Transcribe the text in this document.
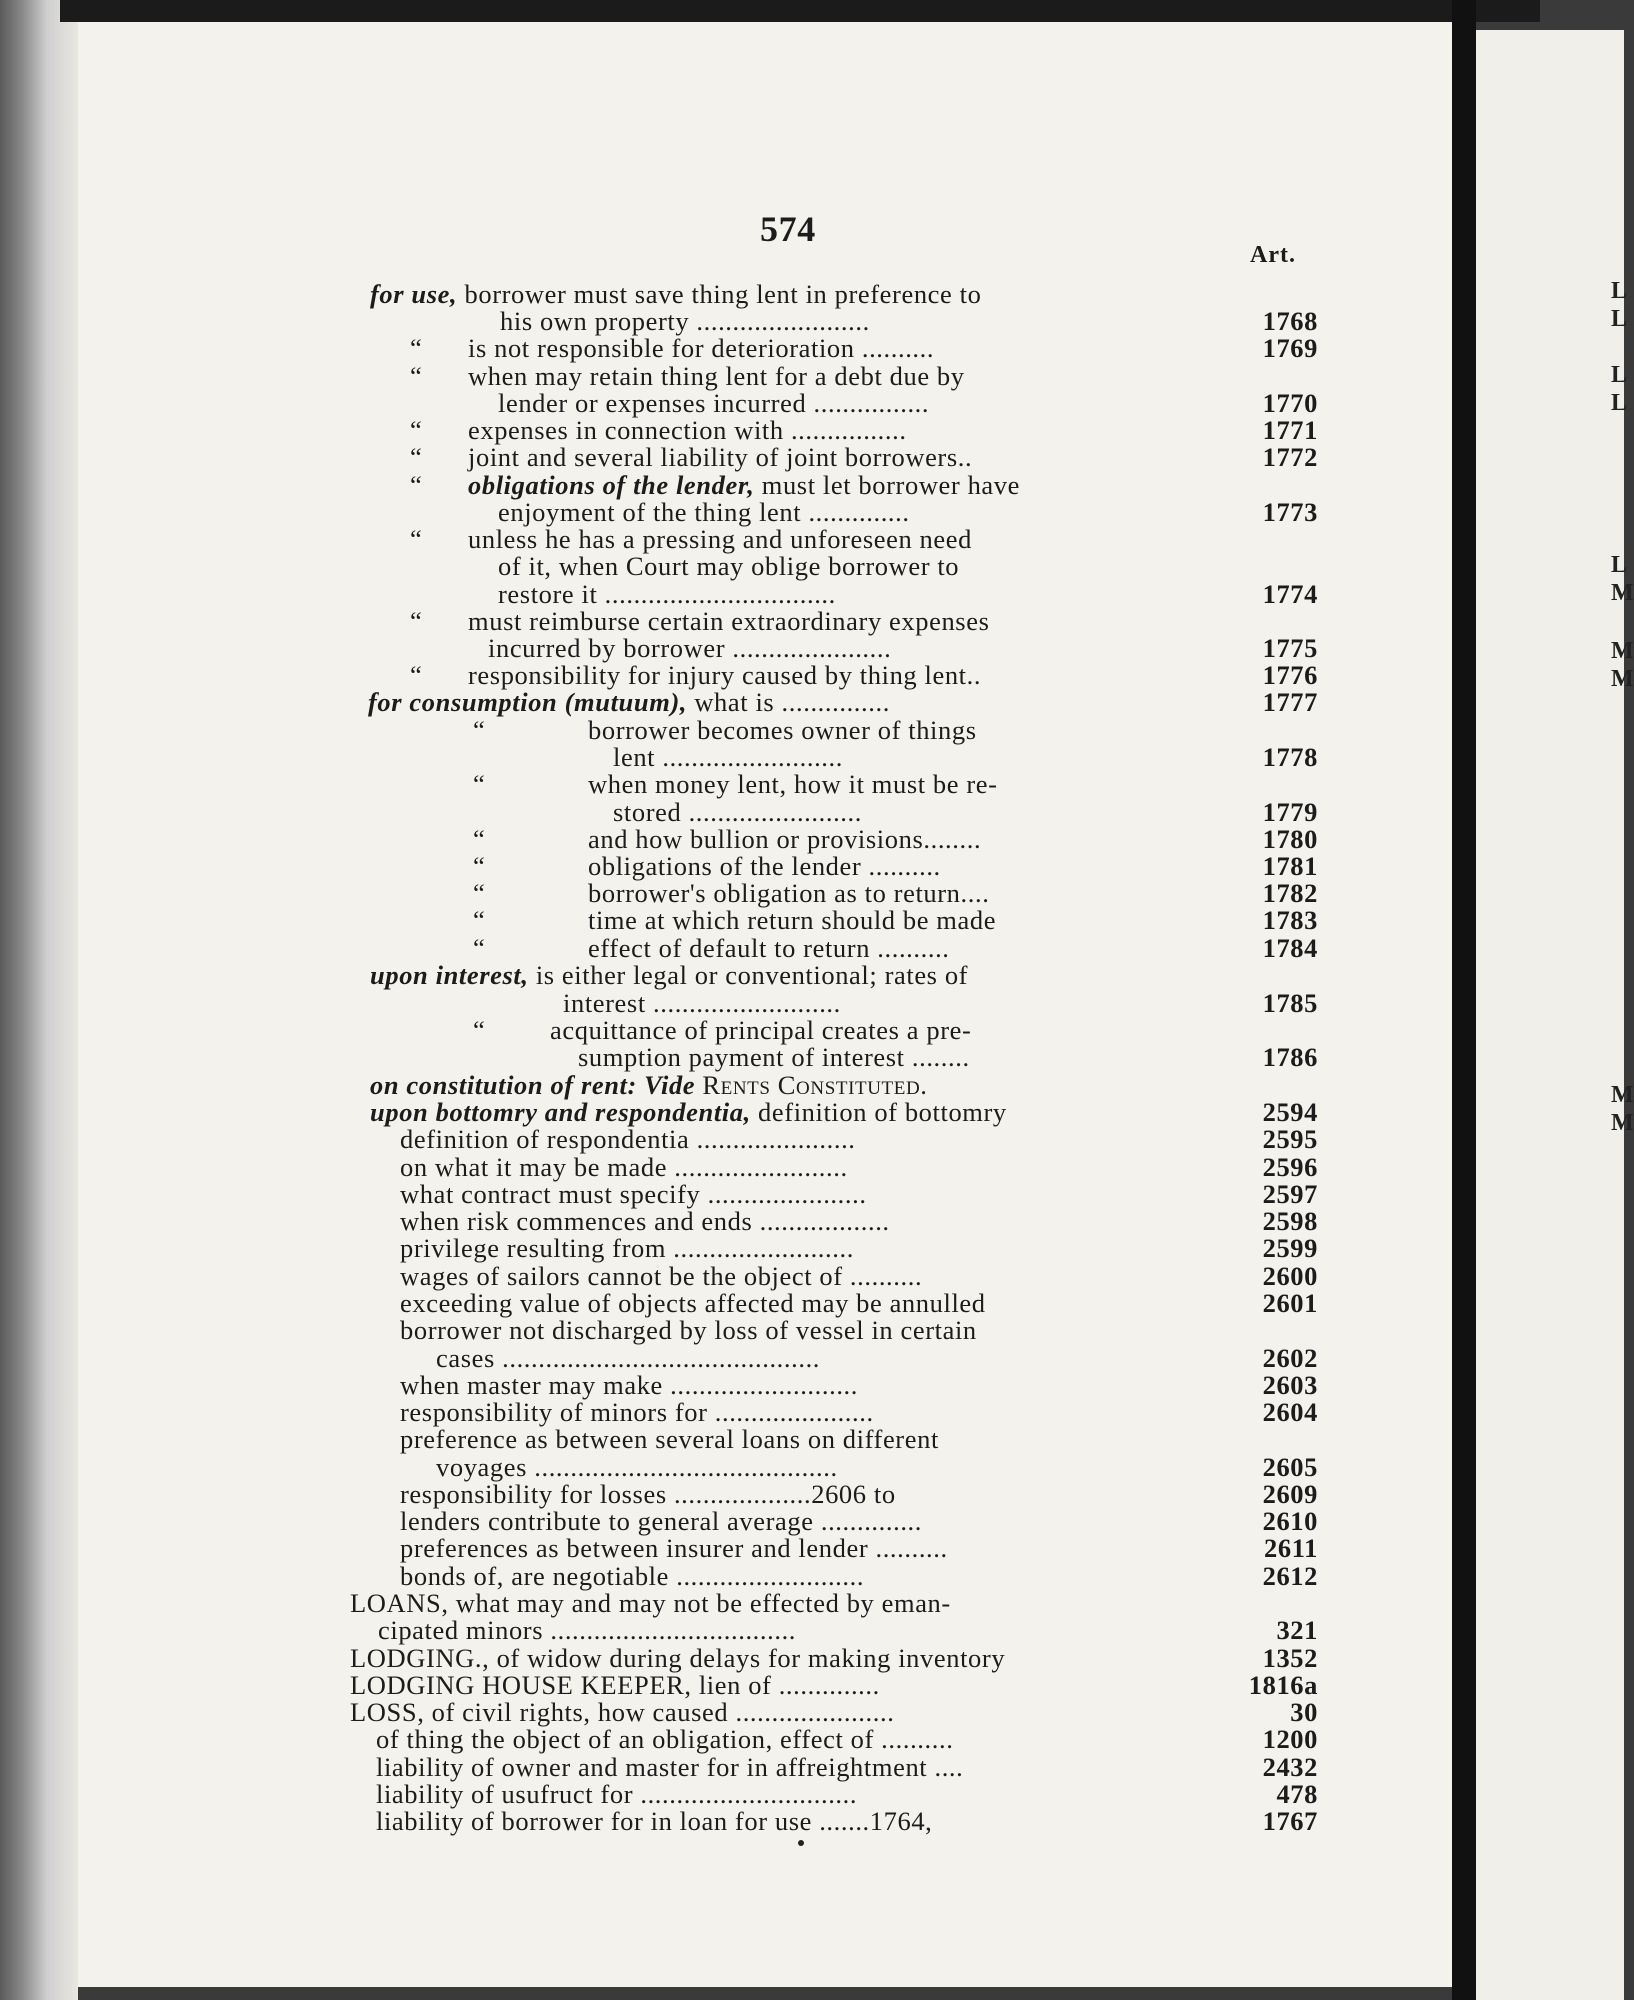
574
Art.
for use, borrower must save thing lent in preference to
his own property ........................	1768
“ is not responsible for deterioration ..........	1769
“ when may retain thing lent for a debt due by
lender or expenses incurred ................	1770
“ expenses in connection with ................	1771
“ joint and several liability of joint borrowers..	1772
“ obligations of the lender, must let borrower have
enjoyment of the thing lent ..............	1773
“ unless he has a pressing and unforeseen need
of it, when Court may oblige borrower to
restore it ................................	1774
“ must reimburse certain extraordinary expenses
incurred by borrower ......................	1775
“ responsibility for injury caused by thing lent..	1776
for consumption (mutuum), what is ...............	1777
“	borrower becomes owner of things
lent .........................	1778
“	when money lent, how it must be re-
stored ........................	1779
“	and how bullion or provisions........	1780
“	obligations of the lender ..........	1781
“	borrower's obligation as to return....	1782
“	time at which return should be made	1783
“	effect of default to return ..........	1784
upon interest, is either legal or conventional; rates of
interest ..........................	1785
“ acquittance of principal creates a pre-
sumption payment of interest ........	1786
on constitution of rent: Vide Rents Constituted.
upon bottomry and respondentia, definition of bottomry	2594
definition of respondentia ......................	2595
on what it may be made ........................	2596
what contract must specify ......................	2597
when risk commences and ends ..................	2598
privilege resulting from .........................	2599
wages of sailors cannot be the object of ..........	2600
exceeding value of objects affected may be annulled	2601
borrower not discharged by loss of vessel in certain
cases ............................................	2602
when master may make ..........................	2603
responsibility of minors for ......................	2604
preference as between several loans on different
voyages ..........................................	2605
responsibility for losses ...................2606 to	2609
lenders contribute to general average ..............	2610
preferences as between insurer and lender ..........	2611
bonds of, are negotiable ..........................	2612
LOANS, what may and may not be effected by eman-
cipated minors ..................................	321
LODGING., of widow during delays for making inventory	1352
LODGING HOUSE KEEPER, lien of ..............	1816a
LOSS, of civil rights, how caused ......................	30
of thing the object of an obligation, effect of ..........	1200
liability of owner and master for in affreightment ....	2432
liability of usufruct for ..............................	478
liability of borrower for in loan for use .......1764,	1767
L
L
L
L
L
M
M
M
M
M
